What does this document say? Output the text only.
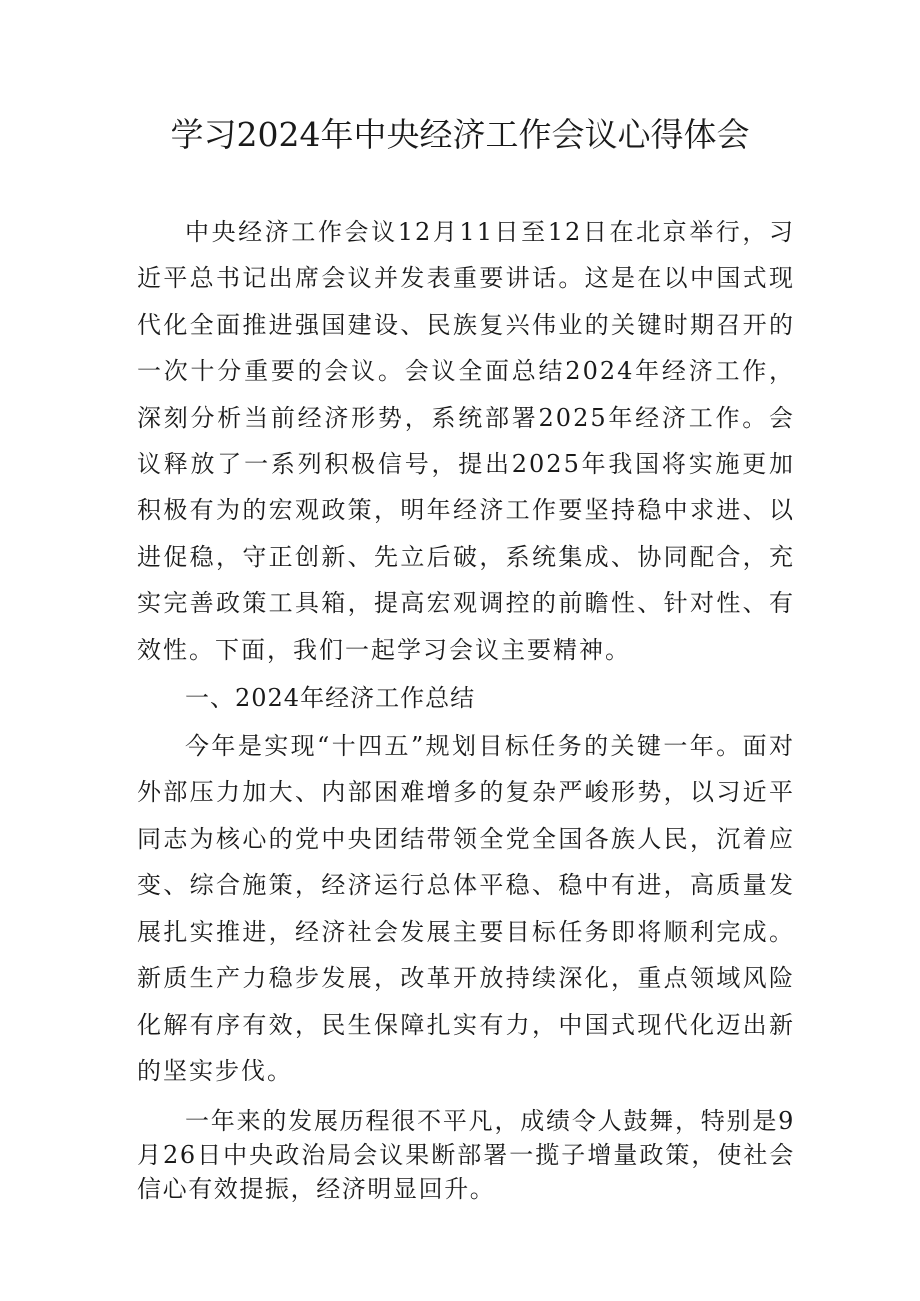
学习2024年中央经济工作会议心得体会

中央经济工作会议12月11日至12日在北京举行，习近平总书记出席会议并发表重要讲话。这是在以中国式现代化全面推进强国建设、民族复兴伟业的关键时期召开的一次十分重要的会议。会议全面总结2024年经济工作，深刻分析当前经济形势，系统部署2025年经济工作。会议释放了一系列积极信号，提出2025年我国将实施更加积极有为的宏观政策，明年经济工作要坚持稳中求进、以进促稳，守正创新、先立后破，系统集成、协同配合，充实完善政策工具箱，提高宏观调控的前瞻性、针对性、有效性。下面，我们一起学习会议主要精神。

一、2024年经济工作总结

今年是实现“十四五”规划目标任务的关键一年。面对外部压力加大、内部困难增多的复杂严峻形势，以习近平同志为核心的党中央团结带领全党全国各族人民，沉着应变、综合施策，经济运行总体平稳、稳中有进，高质量发展扎实推进，经济社会发展主要目标任务即将顺利完成。新质生产力稳步发展，改革开放持续深化，重点领域风险化解有序有效，民生保障扎实有力，中国式现代化迈出新的坚实步伐。

一年来的发展历程很不平凡，成绩令人鼓舞，特别是9月26日中央政治局会议果断部署一揽子增量政策，使社会信心有效提振，经济明显回升。
